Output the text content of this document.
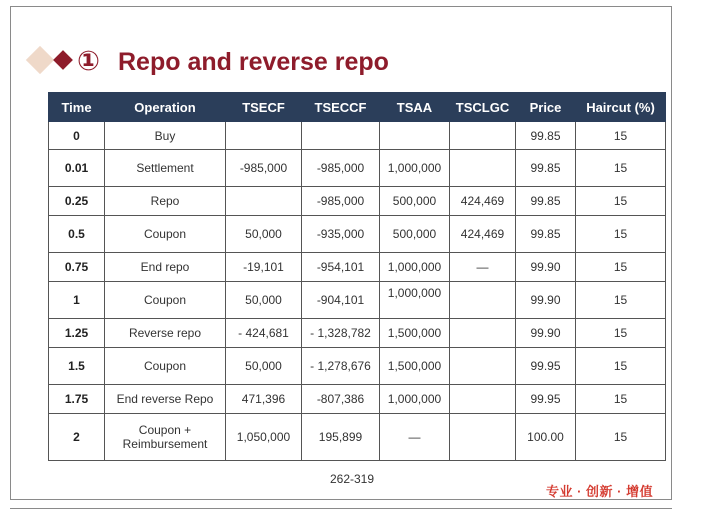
① Repo and reverse repo
Time	Operation	TSECF	TSECCF	TSAA	TSCLGC	Price	Haircut (%)
0	Buy					99.85	15
0.01	Settlement	-985,000	-985,000	1,000,000		99.85	15
0.25	Repo		-985,000	500,000	424,469	99.85	15
0.5	Coupon	50,000	-935,000	500,000	424,469	99.85	15
0.75	End repo	-19,101	-954,101	1,000,000	—	99.90	15
1	Coupon	50,000	-904,101	1,000,000		99.90	15
1.25	Reverse repo	- 424,681	- 1,328,782	1,500,000		99.90	15
1.5	Coupon	50,000	- 1,278,676	1,500,000		99.95	15
1.75	End reverse Repo	471,396	-807,386	1,000,000		99.95	15
2	Coupon + Reimbursement	1,050,000	195,899	—		100.00	15
262-319
专业 · 创新 · 增值
